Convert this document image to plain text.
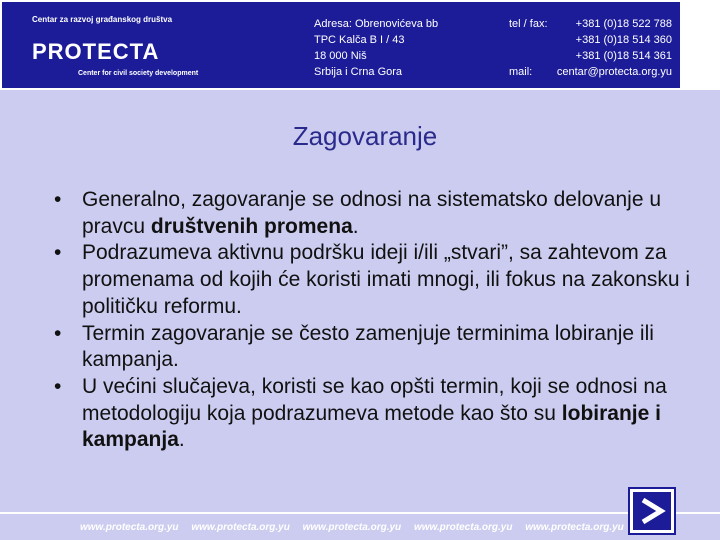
Centar za razvoj građanskog društva
PROTECTA
Center for civil society development
Adresa: Obrenovićeva bb
TPC Kalča B I / 43
18 000 Niš
Srbija i Crna Gora
tel / fax:	+381 (0)18 522 788
+381 (0)18 514 360
+381 (0)18 514 361
mail: centar@protecta.org.yu
Zagovaranje
• Generalno, zagovaranje se odnosi na sistematsko delovanje u pravcu društvenih promena.
• Podrazumeva aktivnu podršku ideji i/ili „stvari”, sa zahtevom za promenama od kojih će koristi imati mnogi, ili fokus na zakonsku i političku reformu.
• Termin zagovaranje se često zamenjuje terminima lobiranje ili kampanja.
• U većini slučajeva, koristi se kao opšti termin, koji se odnosi na metodologiju koja podrazumeva metode kao što su lobiranje i kampanja.
www.protecta.org.yu www.protecta.org.yu www.protecta.org.yu www.protecta.org.yu www.protecta.org.yu
